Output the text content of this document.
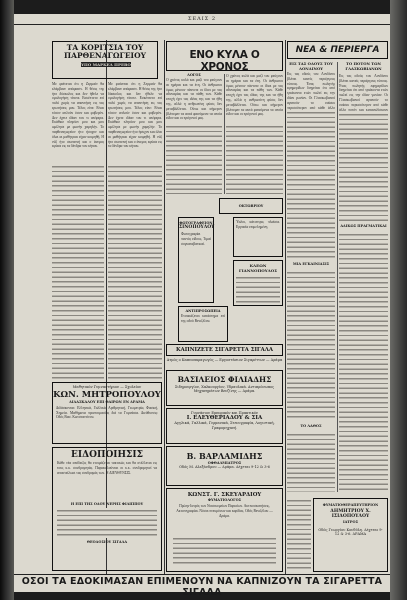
ΣΕΛΙΣ 2
ΤΑ ΚΟΡΙΤΣΙΑ ΤΟΥ ΠΑΡΘΕΝΑΓΩΓΕΙΟΥ
ΥΠΟ ΜΑΡΚΕΛ ΠΡΕΒΟ
Με φαίνεται ότι η Ζερμαίν θα ελάμβανε απόφασιν. Η θέσις της ήτο δύσκολος και δεν ήθελε να ομολογήση τίποτε. Εσκέπτετο επί πολύ χωρίς να απαντήση εις τας ερωτήσεις μου. Τέλος είπε: Είναι τόσον απλούν όσον και φοβερόν. Δεν έχετε ιδέαν του τι υπέφερα. Εκάθισε πλησίον μου και μου ωμίλησε με φωνήν χαμηλήν. Το παρθεναγωγείον ήτο ήσυχον και όλαι αι μαθήτριαι είχαν κοιμηθή. Η νύξ ήτο σκοτεινή και ο άνεμος εφύσα εις τα δένδρα του κήπου.
Με φαίνεται ότι η Ζερμαίν θα ελάμβανε απόφασιν. Η θέσις της ήτο δύσκολος και δεν ήθελε να ομολογήση τίποτε. Εσκέπτετο επί πολύ χωρίς να απαντήση εις τας ερωτήσεις μου. Τέλος είπε: Είναι τόσον απλούν όσον και φοβερόν. Δεν έχετε ιδέαν του τι υπέφερα. Εκάθισε πλησίον μου και μου ωμίλησε με φωνήν χαμηλήν. Το παρθεναγωγείον ήτο ήσυχον και όλαι αι μαθήτριαι είχαν κοιμηθή. Η νύξ ήτο σκοτεινή και ο άνεμος εφύσα εις τα δένδρα του κήπου.
Μαθητικόν Γυμναστήριον — Σχολείον
ΚΩΝ. ΜΗΤΡΟΠΟΥΛΟΥ
ΔΙΔΑΣΚΑΛΟΥ ΕΠΙ ΘΑΙΡΩΝ ΕΝ ΔΡΑΜΑ
Διδάσκονται: Ελληνικά, Γαλλικά, Αριθμητική, Γεωμετρία, Φυσική, Χημεία. Μαθήματα προετοιμασίας διά τα Γυμνάσια. Διεύθυνσις: Οδός Βασ. Κωνσταντίνου.
ΕΙΔΟΠΟΙΗΣΙΣ
Κάθε νέα απόδειξις θα ετοιμάζεται τακτικώς και θα στέλλεται εις τους κ.κ. συνδρομητάς. Παρακαλούνται οι κ.κ. συνδρομηταί να αποστείλωσι τας συνδρομάς των. Η ΔΙΕΥΘΥΝΣΙΣ.
Η ΕΠΙ ΤΗΣ ΟΔΟΥ ΝΕΡΗΣ ΦΙΛΙΠΠΟΥ
ΘΕΟΔΟΣΙΟΥ ΣΙΓΑΛΑ
ΕΝΟ ΚΥΛΑ Ο ΧΡΟΝΟΣ
ΛΟΓΟΣ
Ο χρόνος κυλά και μαζί του φεύγουν αι ημέραι και τα έτη. Οι άνθρωποι όμως μένουν πάντοτε οι ίδιοι με τας αδυναμίας και τα πάθη των. Κάθε εποχή έχει τας ιδέας της και τα ήθη της, αλλά η ανθρωπίνη φύσις δεν μεταβάλλεται. Ούτω και σήμερον βλέπομεν τα αυτά φαινόμενα τα οποία είδον και οι πρόγονοί μας.
Ο χρόνος κυλά και μαζί του φεύγουν αι ημέραι και τα έτη. Οι άνθρωποι όμως μένουν πάντοτε οι ίδιοι με τας αδυναμίας και τα πάθη των. Κάθε εποχή έχει τας ιδέας της και τα ήθη της, αλλά η ανθρωπίνη φύσις δεν μεταβάλλεται. Ούτω και σήμερον βλέπομεν τα αυτά φαινόμενα τα οποία είδον και οι πρόγονοί μας.
ΟΚΤΩΒΡΙΟΥ
ΦΩΤΟΓΡΑΦΕΙΟΝ
ΣΙΝΟΠΟΥΛΟΥ
Φωτογραφίαι παντός είδους. Τιμαί συγκαταβατικαί.
Ύαλοι, κάτοπτρα, πλαίσια. Εργασία επιμελημένη.
ΚΛΕΩΝ ΓΙΑΝΝΟΠΟΥΛΟΣ
ΑΝΤΙΠΡΟΣΩΠΕΙΑ
Ενοικιάζεται κατάστημα επί της οδού Βενιζέλου.
ΚΑΠΝΙΖΕΤΕ ΣΙΓΑΡΕΤΤΑ ΣΙΓΑΛΑ
Ατμός ο Καπνοπαραγωγός — Εργοστάσιον Σιγαρέττων — Δράμα
ΒΑΣΙΛΕΙΟΣ ΦΙΛΙΑΔΗΣ
Σιδηρουργίον, Χαλκουργίον, Υδραυλικά. Αντιπρόσωπος Μηχανημάτων Βενζίνης — Δράμα.
Γυμνάσιον Εμπορικόν και Πρακτικόν
Ι. ΕΛΕΥΘΕΡΙΑΔΟΥ & ΣΙΑ
Αγγλικά, Γαλλικά, Γερμανικά, Στενογραφία, Λογιστική, Γραφομηχανή.
Β. ΒΑΡΛΑΜΙΔΗΣ
ΟΦΘΑΛΜΙΑΤΡΟΣ
Οδός Μ. Αλεξάνδρου — Δράμα. Δέχεται 9-12 & 3-6
ΚΩΝΣΤ. Γ. ΣΚΕΥΑΡΔΙΟΥ
ΦΥΜΑΤΙΟΛΟΓΟΣ
Πρώην Ιατρός των Νοσοκομείων Παρισίων. Ακτινοσκοπήσεις, Ακτινογραφίαι. Νόσοι πνευμόνων και καρδίας. Οδός Βενιζέλου — Δράμα.
ΝΕΑ & ΠΕΡΙΕΡΓΑ
ΕΙΣ ΤΑΣ ΟΔΟΥΣ ΤΟΥ ΛΟΝΔΙΝΟΥ
ΤΟ ΠΟΤΟΝ ΤΩΝ ΓΛΑΣΚΩΒΙΑΝΩΝ
Εις τας οδούς του Λονδίνου βλέπει κανείς περιέργους τύπους. Ένας πωλητής εφημερίδων διηγείται ότι από τριάκοντα ετών πωλεί εις την ιδίαν γωνίαν. Οι Γλασκωβιανοί αγαπούν το ουίσκυ περισσότερον από κάθε άλλο
ΜΙΑ ΕΓΚΑΙΝΙΑΣΙΣ
ΤΟ ΛΑΘΟΣ
Εις τας οδούς του Λονδίνου βλέπει κανείς περιέργους τύπους. Ένας πωλητής εφημερίδων διηγείται ότι από τριάκοντα ετών πωλεί εις την ιδίαν γωνίαν. Οι Γλασκωβιανοί αγαπούν το ουίσκυ περισσότερον από κάθε άλλο ποτόν και καταναλίσκουν
ΑΔΙΚΩΣ ΠΡΑΓΜΑΤΙΚΑΙ
ΦΥΜΑΤΙΟΘΕΡΑΠΕΥΤΗΡΙΟΝ
ΔΗΜΗΤΡΙΟΥ Χ. ΙΣΙΔΟΠΟΥΛΟΥ
ΙΑΤΡΟΣ
Οδός Γεωργίου Κονδύλη. Δέχεται 9-12 & 3-6. ΔΡΑΜΑ
ΟΣΟΙ ΤΑ ΕΔΟΚΙΜΑΣΑΝ ΕΠΙΜΕΝΟΥΝ ΝΑ ΚΑΠΝΙΖΟΥΝ ΤΑ ΣΙΓΑΡΕΤΤΑ ΣΙΓΑΛΑ
